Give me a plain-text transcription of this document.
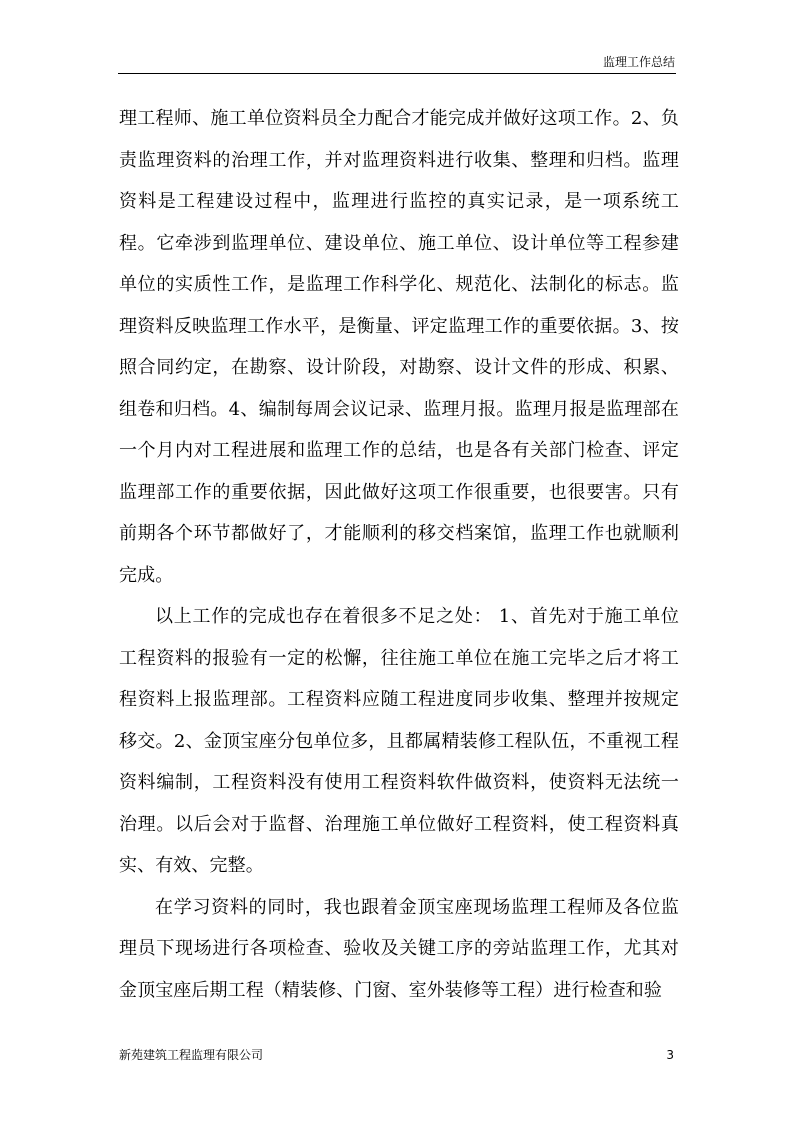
监理工作总结

理工程师、施工单位资料员全力配合才能完成并做好这项工作。2、负责监理资料的治理工作，并对监理资料进行收集、整理和归档。监理资料是工程建设过程中，监理进行监控的真实记录，是一项系统工程。它牵涉到监理单位、建设单位、施工单位、设计单位等工程参建单位的实质性工作，是监理工作科学化、规范化、法制化的标志。监理资料反映监理工作水平，是衡量、评定监理工作的重要依据。3、按照合同约定，在勘察、设计阶段，对勘察、设计文件的形成、积累、组卷和归档。4、编制每周会议记录、监理月报。监理月报是监理部在一个月内对工程进展和监理工作的总结，也是各有关部门检查、评定监理部工作的重要依据，因此做好这项工作很重要，也很要害。只有前期各个环节都做好了，才能顺利的移交档案馆，监理工作也就顺利完成。

以上工作的完成也存在着很多不足之处： 1、首先对于施工单位工程资料的报验有一定的松懈，往往施工单位在施工完毕之后才将工程资料上报监理部。工程资料应随工程进度同步收集、整理并按规定移交。2、金顶宝座分包单位多，且都属精装修工程队伍，不重视工程资料编制，工程资料没有使用工程资料软件做资料，使资料无法统一治理。以后会对于监督、治理施工单位做好工程资料，使工程资料真实、有效、完整。

在学习资料的同时，我也跟着金顶宝座现场监理工程师及各位监理员下现场进行各项检查、验收及关键工序的旁站监理工作，尤其对金顶宝座后期工程（精装修、门窗、室外装修等工程）进行检查和验

新苑建筑工程监理有限公司	3
